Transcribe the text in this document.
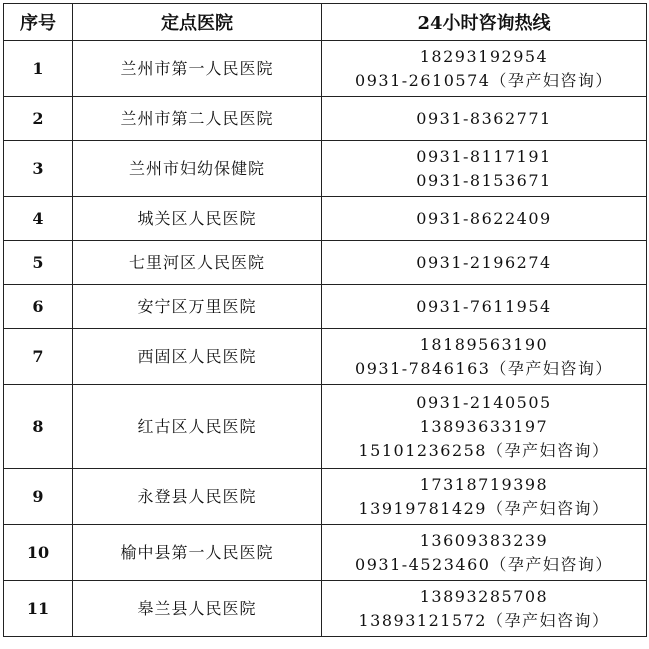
序号	定点医院	24小时咨询热线
1	兰州市第一人民医院	18293192954
0931-2610574（孕产妇咨询）

2	兰州市第二人民医院	0931-8362771

3	兰州市妇幼保健院	0931-8117191
0931-8153671

4	城关区人民医院	0931-8622409

5	七里河区人民医院	0931-2196274

6	安宁区万里医院	0931-7611954

7	西固区人民医院	18189563190
0931-7846163（孕产妇咨询）

8	红古区人民医院	0931-2140505
13893633197
15101236258（孕产妇咨询）

9	永登县人民医院	17318719398
13919781429（孕产妇咨询）

10	榆中县第一人民医院	13609383239
0931-4523460（孕产妇咨询）

11	皋兰县人民医院	13893285708
13893121572（孕产妇咨询）
